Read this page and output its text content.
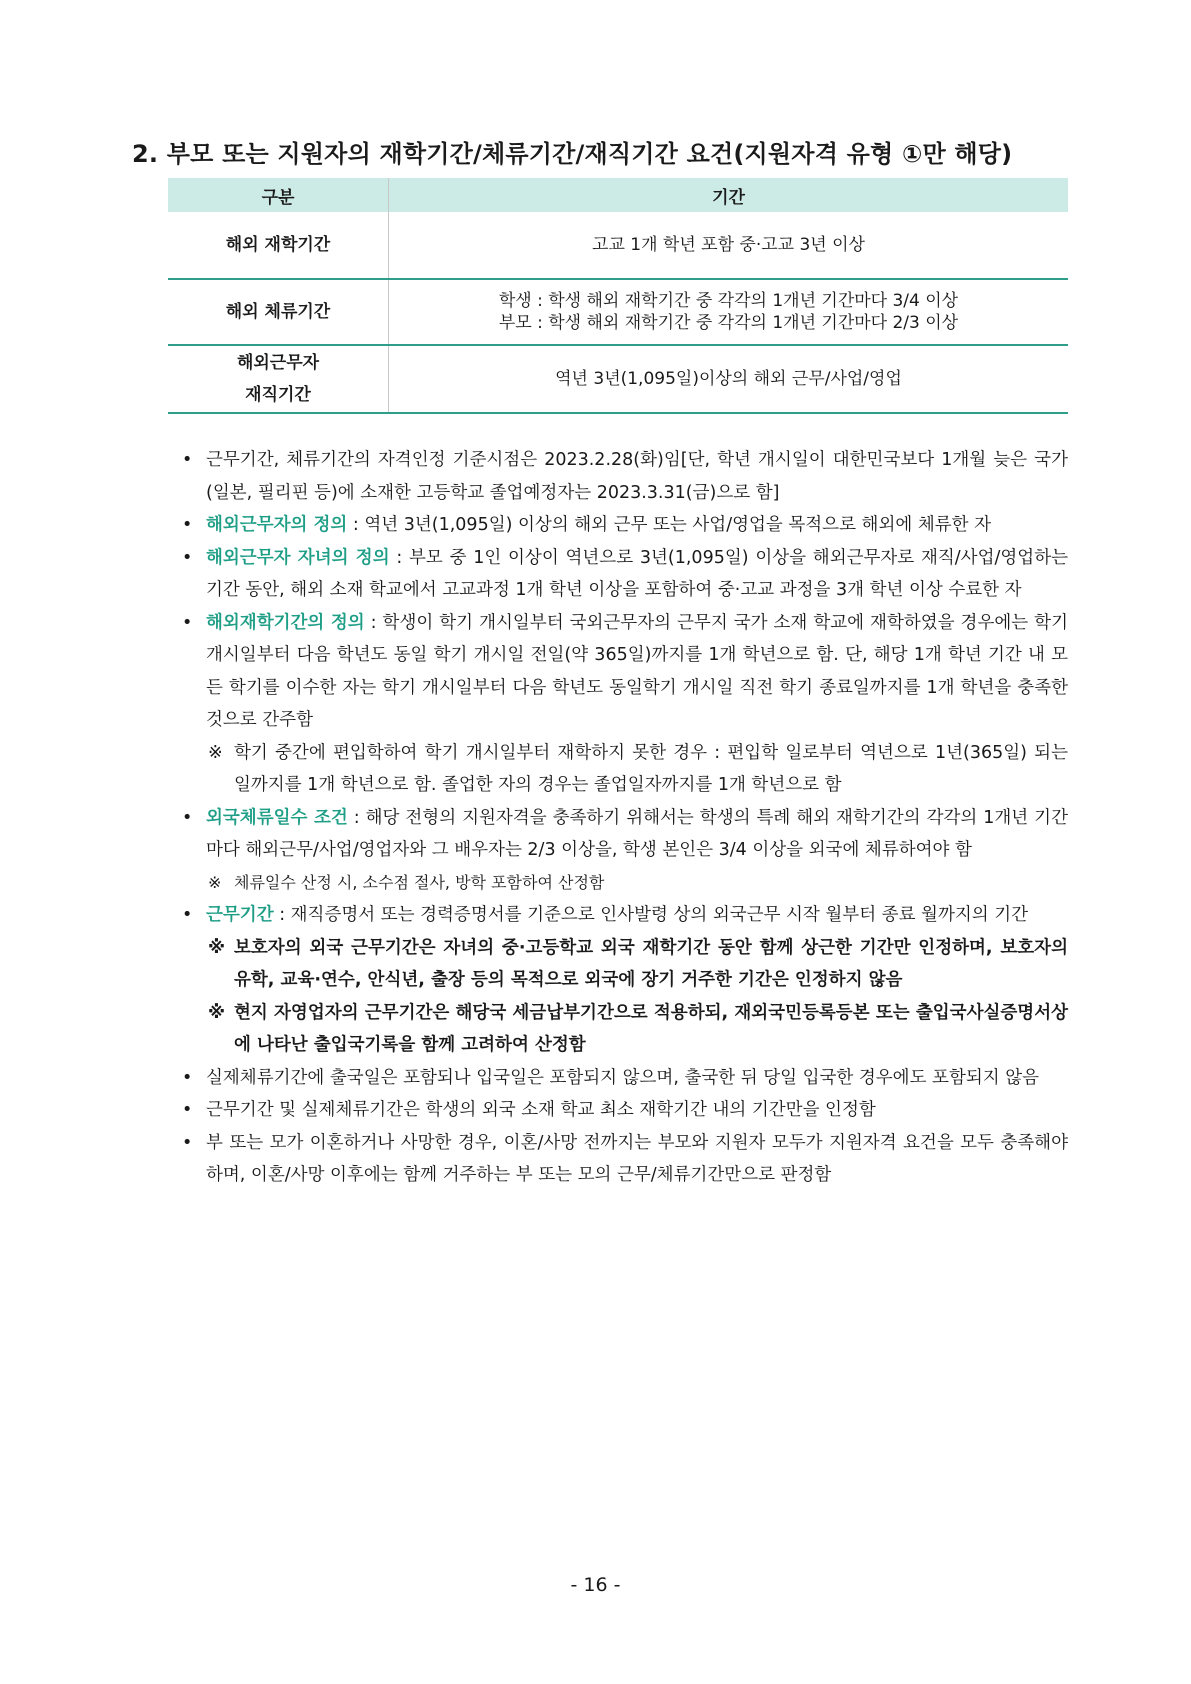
2. 부모 또는 지원자의 재학기간/체류기간/재직기간 요건(지원자격 유형 ①만 해당)
구분	기간

해외 재학기간	고교 1개 학년 포함 중·고교 3년 이상

해외 체류기간	학생 : 학생 해외 재학기간 중 각각의 1개년 기간마다 3/4 이상
부모 : 학생 해외 재학기간 중 각각의 1개년 기간마다 2/3 이상

해외근무자
재직기간	역년 3년(1,095일)이상의 해외 근무/사업/영업
• 근무기간, 체류기간의 자격인정 기준시점은 2023.2.28(화)임[단, 학년 개시일이 대한민국보다 1개월 늦은 국가(일본, 필리핀 등)에 소재한 고등학교 졸업예정자는 2023.3.31(금)으로 함]
• 해외근무자의 정의 : 역년 3년(1,095일) 이상의 해외 근무 또는 사업/영업을 목적으로 해외에 체류한 자
• 해외근무자 자녀의 정의 : 부모 중 1인 이상이 역년으로 3년(1,095일) 이상을 해외근무자로 재직/사업/영업하는 기간 동안, 해외 소재 학교에서 고교과정 1개 학년 이상을 포함하여 중·고교 과정을 3개 학년 이상 수료한 자
• 해외재학기간의 정의 : 학생이 학기 개시일부터 국외근무자의 근무지 국가 소재 학교에 재학하였을 경우에는 학기 개시일부터 다음 학년도 동일 학기 개시일 전일(약 365일)까지를 1개 학년으로 함. 단, 해당 1개 학년 기간 내 모든 학기를 이수한 자는 학기 개시일부터 다음 학년도 동일학기 개시일 직전 학기 종료일까지를 1개 학년을 충족한 것으로 간주함
※ 학기 중간에 편입학하여 학기 개시일부터 재학하지 못한 경우 : 편입학 일로부터 역년으로 1년(365일) 되는 일까지를 1개 학년으로 함. 졸업한 자의 경우는 졸업일자까지를 1개 학년으로 함
• 외국체류일수 조건 : 해당 전형의 지원자격을 충족하기 위해서는 학생의 특례 해외 재학기간의 각각의 1개년 기간마다 해외근무/사업/영업자와 그 배우자는 2/3 이상을, 학생 본인은 3/4 이상을 외국에 체류하여야 함
※ 체류일수 산정 시, 소수점 절사, 방학 포함하여 산정함
• 근무기간 : 재직증명서 또는 경력증명서를 기준으로 인사발령 상의 외국근무 시작 월부터 종료 월까지의 기간
※ 보호자의 외국 근무기간은 자녀의 중·고등학교 외국 재학기간 동안 함께 상근한 기간만 인정하며, 보호자의 유학, 교육·연수, 안식년, 출장 등의 목적으로 외국에 장기 거주한 기간은 인정하지 않음
※ 현지 자영업자의 근무기간은 해당국 세금납부기간으로 적용하되, 재외국민등록등본 또는 출입국사실증명서상에 나타난 출입국기록을 함께 고려하여 산정함
• 실제체류기간에 출국일은 포함되나 입국일은 포함되지 않으며, 출국한 뒤 당일 입국한 경우에도 포함되지 않음
• 근무기간 및 실제체류기간은 학생의 외국 소재 학교 최소 재학기간 내의 기간만을 인정함
• 부 또는 모가 이혼하거나 사망한 경우, 이혼/사망 전까지는 부모와 지원자 모두가 지원자격 요건을 모두 충족해야 하며, 이혼/사망 이후에는 함께 거주하는 부 또는 모의 근무/체류기간만으로 판정함
- 16 -
